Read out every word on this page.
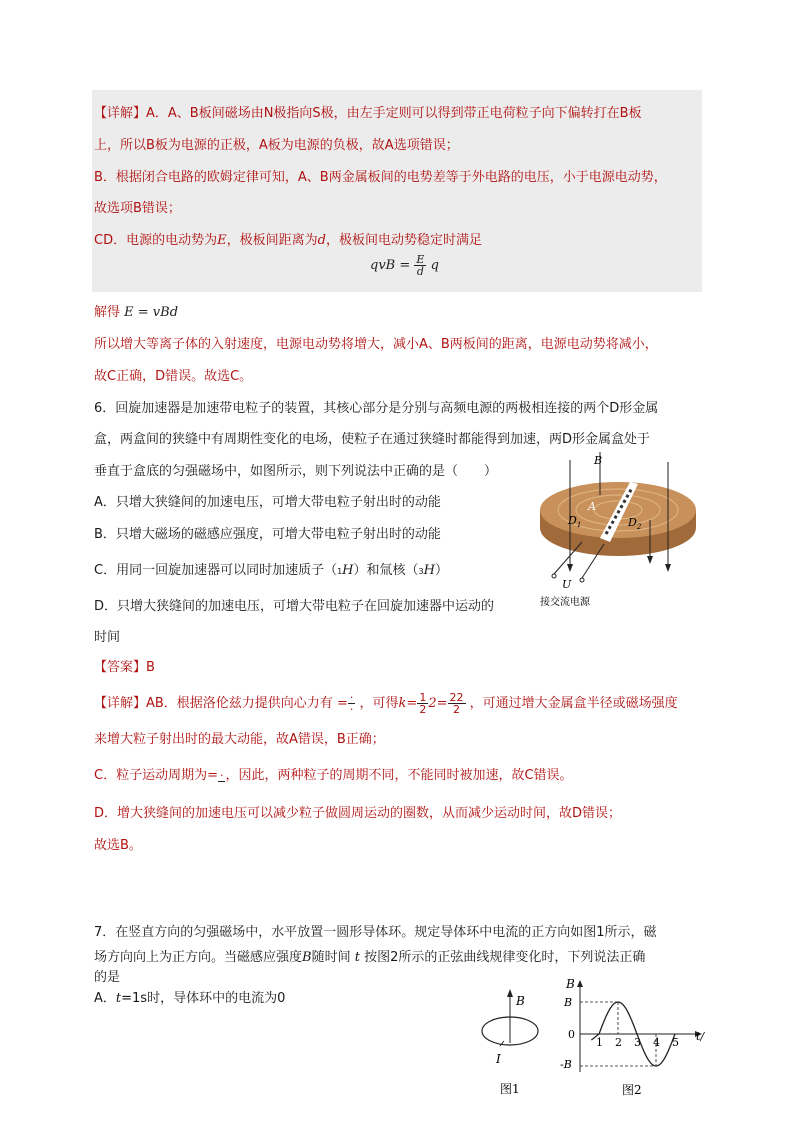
【详解】A．A、B板间磁场由N极指向S极，由左手定则可以得到带正电荷粒子向下偏转打在B板
上，所以B板为电源的正极，A板为电源的负极，故A选项错误；
B．根据闭合电路的欧姆定律可知，A、B两金属板间的电势差等于外电路的电压，小于电源电动势，
故选项B错误；
CD．电源的电动势为E，极板间距离为d，极板间电动势稳定时满足
qvB = $\frac{E}{d}$ q
解得 E = vBd
所以增大等离子体的入射速度，电源电动势将增大，减小A、B两板间的距离，电源电动势将减小，
故C正确，D错误。故选C。
6．回旋加速器是加速带电粒子的装置，其核心部分是分别与高频电源的两极相连接的两个D形金属
盒，两盒间的狭缝中有周期性变化的电场，使粒子在通过狭缝时都能得到加速，两D形金属盒处于
垂直于盒底的匀强磁场中，如图所示，则下列说法中正确的是（　　）
A．只增大狭缝间的加速电压，可增大带电粒子射出时的动能
B．只增大磁场的磁感应强度，可增大带电粒子射出时的动能
C．用同一回旋加速器可以同时加速质子（1H）和氚核（3H）
D．只增大狭缝间的加速电压，可增大带电粒子在回旋加速器中运动的
时间
【答案】B
B
A
$D_1$	$D_2$
U
接交流电源
【详解】AB．根据洛伦兹力提供向心力有 = $\frac{\cdot}{\cdot}$ ，可得$k= \frac{1}{2} 2= \frac{22}{2}$ ，可通过增大金属盒半径或磁场强度
来增大粒子射出时的最大动能，故A错误，B正确；
C．粒子运动周期为= · ，因此，两种粒子的周期不同，不能同时被加速，故C错误。
D．增大狭缝间的加速电压可以减少粒子做圆周运动的圈数，从而减少运动时间，故D错误；
故选B。
7．在竖直方向的匀强磁场中，水平放置一圆形导体环。规定导体环中电流的正方向如图1所示，磁
场方向向上为正方向。当磁感应强度B随时间 t 按图2所示的正弦曲线规律变化时，下列说法正确
的是
A．t=1s时，导体环中的电流为0	B
I
图1
B
t/
B
0
-B
1 2 3 4 5
图2
